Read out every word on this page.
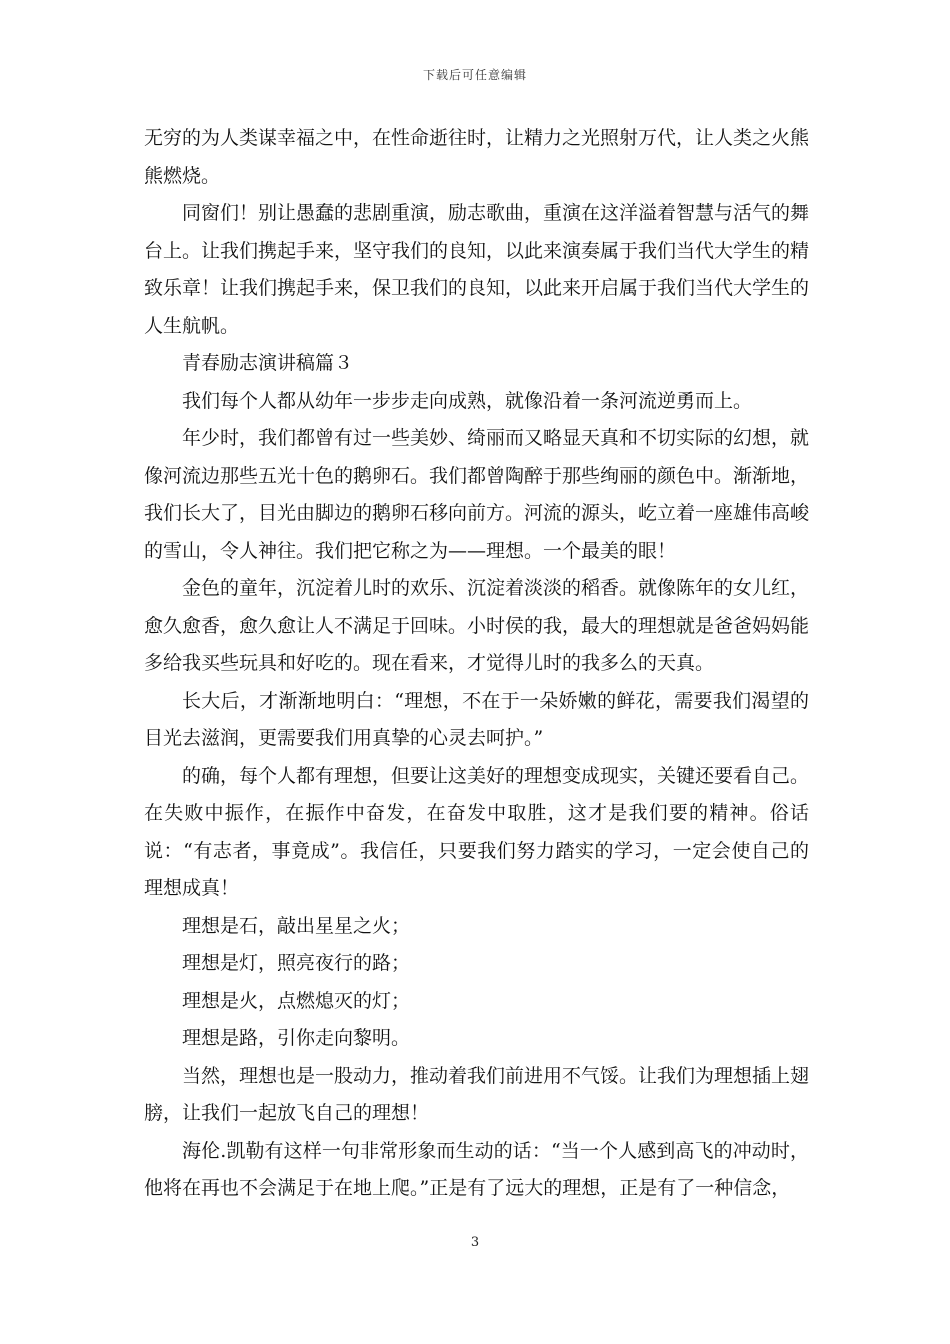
下载后可任意编辑

无穷的为人类谋幸福之中，在性命逝往时，让精力之光照射万代，让人类之火熊熊燃烧。

同窗们！别让愚蠢的悲剧重演，励志歌曲，重演在这洋溢着智慧与活气的舞台上。让我们携起手来，坚守我们的良知，以此来演奏属于我们当代大学生的精致乐章！让我们携起手来，保卫我们的良知，以此来开启属于我们当代大学生的人生航帆。

青春励志演讲稿篇３

我们每个人都从幼年一步步走向成熟，就像沿着一条河流逆勇而上。

年少时，我们都曾有过一些美妙、绮丽而又略显天真和不切实际的幻想，就像河流边那些五光十色的鹅卵石。我们都曾陶醉于那些绚丽的颜色中。渐渐地，我们长大了，目光由脚边的鹅卵石移向前方。河流的源头，屹立着一座雄伟高峻的雪山，令人神往。我们把它称之为——理想。一个最美的眼！

金色的童年，沉淀着儿时的欢乐、沉淀着淡淡的稻香。就像陈年的女儿红，愈久愈香，愈久愈让人不满足于回味。小时侯的我，最大的理想就是爸爸妈妈能多给我买些玩具和好吃的。现在看来，才觉得儿时的我多么的天真。

长大后，才渐渐地明白：“理想，不在于一朵娇嫩的鲜花，需要我们渴望的目光去滋润，更需要我们用真挚的心灵去呵护。”

的确，每个人都有理想，但要让这美好的理想变成现实，关键还要看自己。在失败中振作，在振作中奋发，在奋发中取胜，这才是我们要的精神。俗话说：“有志者，事竟成”。我信任，只要我们努力踏实的学习，一定会使自己的理想成真！

理想是石，敲出星星之火；

理想是灯，照亮夜行的路；

理想是火，点燃熄灭的灯；

理想是路，引你走向黎明。

当然，理想也是一股动力，推动着我们前进用不气馁。让我们为理想插上翅膀，让我们一起放飞自己的理想！

海伦.凯勒有这样一句非常形象而生动的话：“当一个人感到高飞的冲动时，他将在再也不会满足于在地上爬。”正是有了远大的理想，正是有了一种信念，

3
